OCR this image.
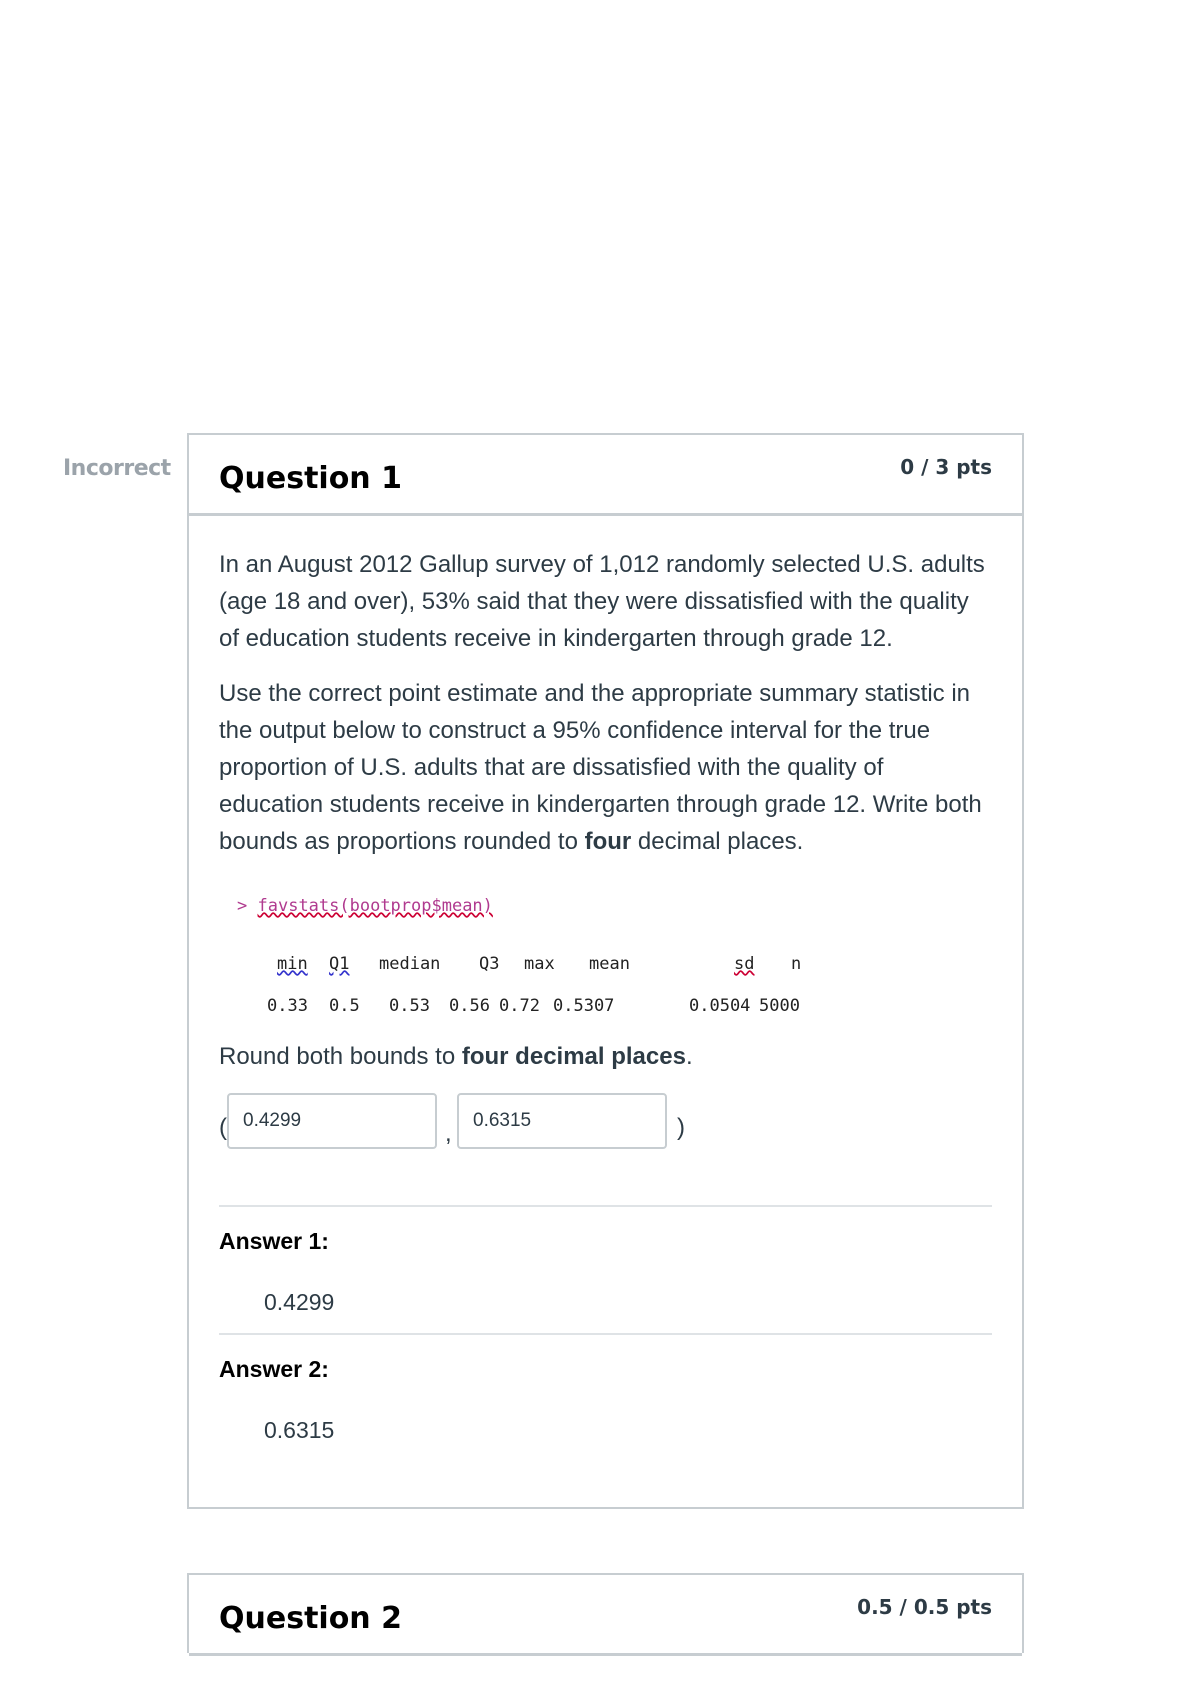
Incorrect Question 1	0 / 3 pts

In an August 2012 Gallup survey of 1,012 randomly selected U.S. adults (age 18 and over), 53% said that they were dissatisfied with the quality of education students receive in kindergarten through grade 12.

Use the correct point estimate and the appropriate summary statistic in the output below to construct a 95% confidence interval for the true proportion of U.S. adults that are dissatisfied with the quality of education students receive in kindergarten through grade 12. Write both bounds as proportions rounded to four decimal places.

> favstats(bootprop$mean)
min Q1 median Q3 max mean	sd n
0.33 0.5 0.53 0.56 0.72 0.5307	0.0504 5000

Round both bounds to four decimal places.

(
0.4299	,
0.6315	)
Answer 1:
0.4299
Answer 2:
0.6315
Question 2	0.5 / 0.5 pts
